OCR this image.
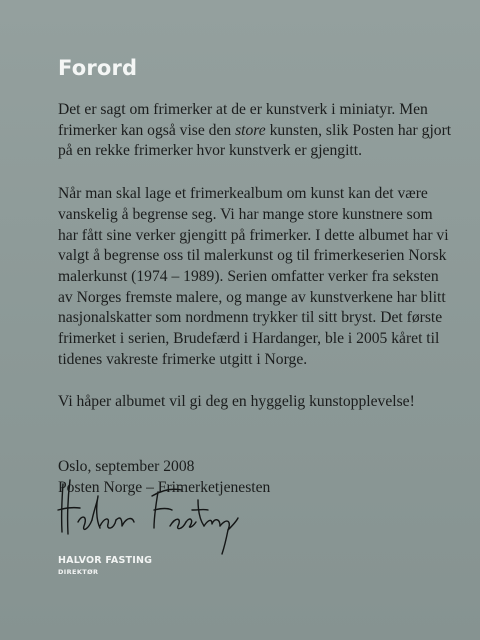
Forord

Det er sagt om frimerker at de er kunstverk i miniatyr. Men
frimerker kan også vise den store kunsten, slik Posten har gjort
på en rekke frimerker hvor kunstverk er gjengitt.

Når man skal lage et frimerkealbum om kunst kan det være
vanskelig å begrense seg. Vi har mange store kunstnere som
har fått sine verker gjengitt på frimerker. I dette albumet har vi
valgt å begrense oss til malerkunst og til frimerkeserien Norsk
malerkunst (1974 – 1989). Serien omfatter verker fra seksten
av Norges fremste malere, og mange av kunstverkene har blitt
nasjonalskatter som nordmenn trykker til sitt bryst. Det første
frimerket i serien, Brudefærd i Hardanger, ble i 2005 kåret til
tidenes vakreste frimerke utgitt i Norge.

Vi håper albumet vil gi deg en hyggelig kunstopplevelse!

Oslo, september 2008
Posten Norge – Frimerketjenesten

HALVOR FASTING
DIREKTØR
